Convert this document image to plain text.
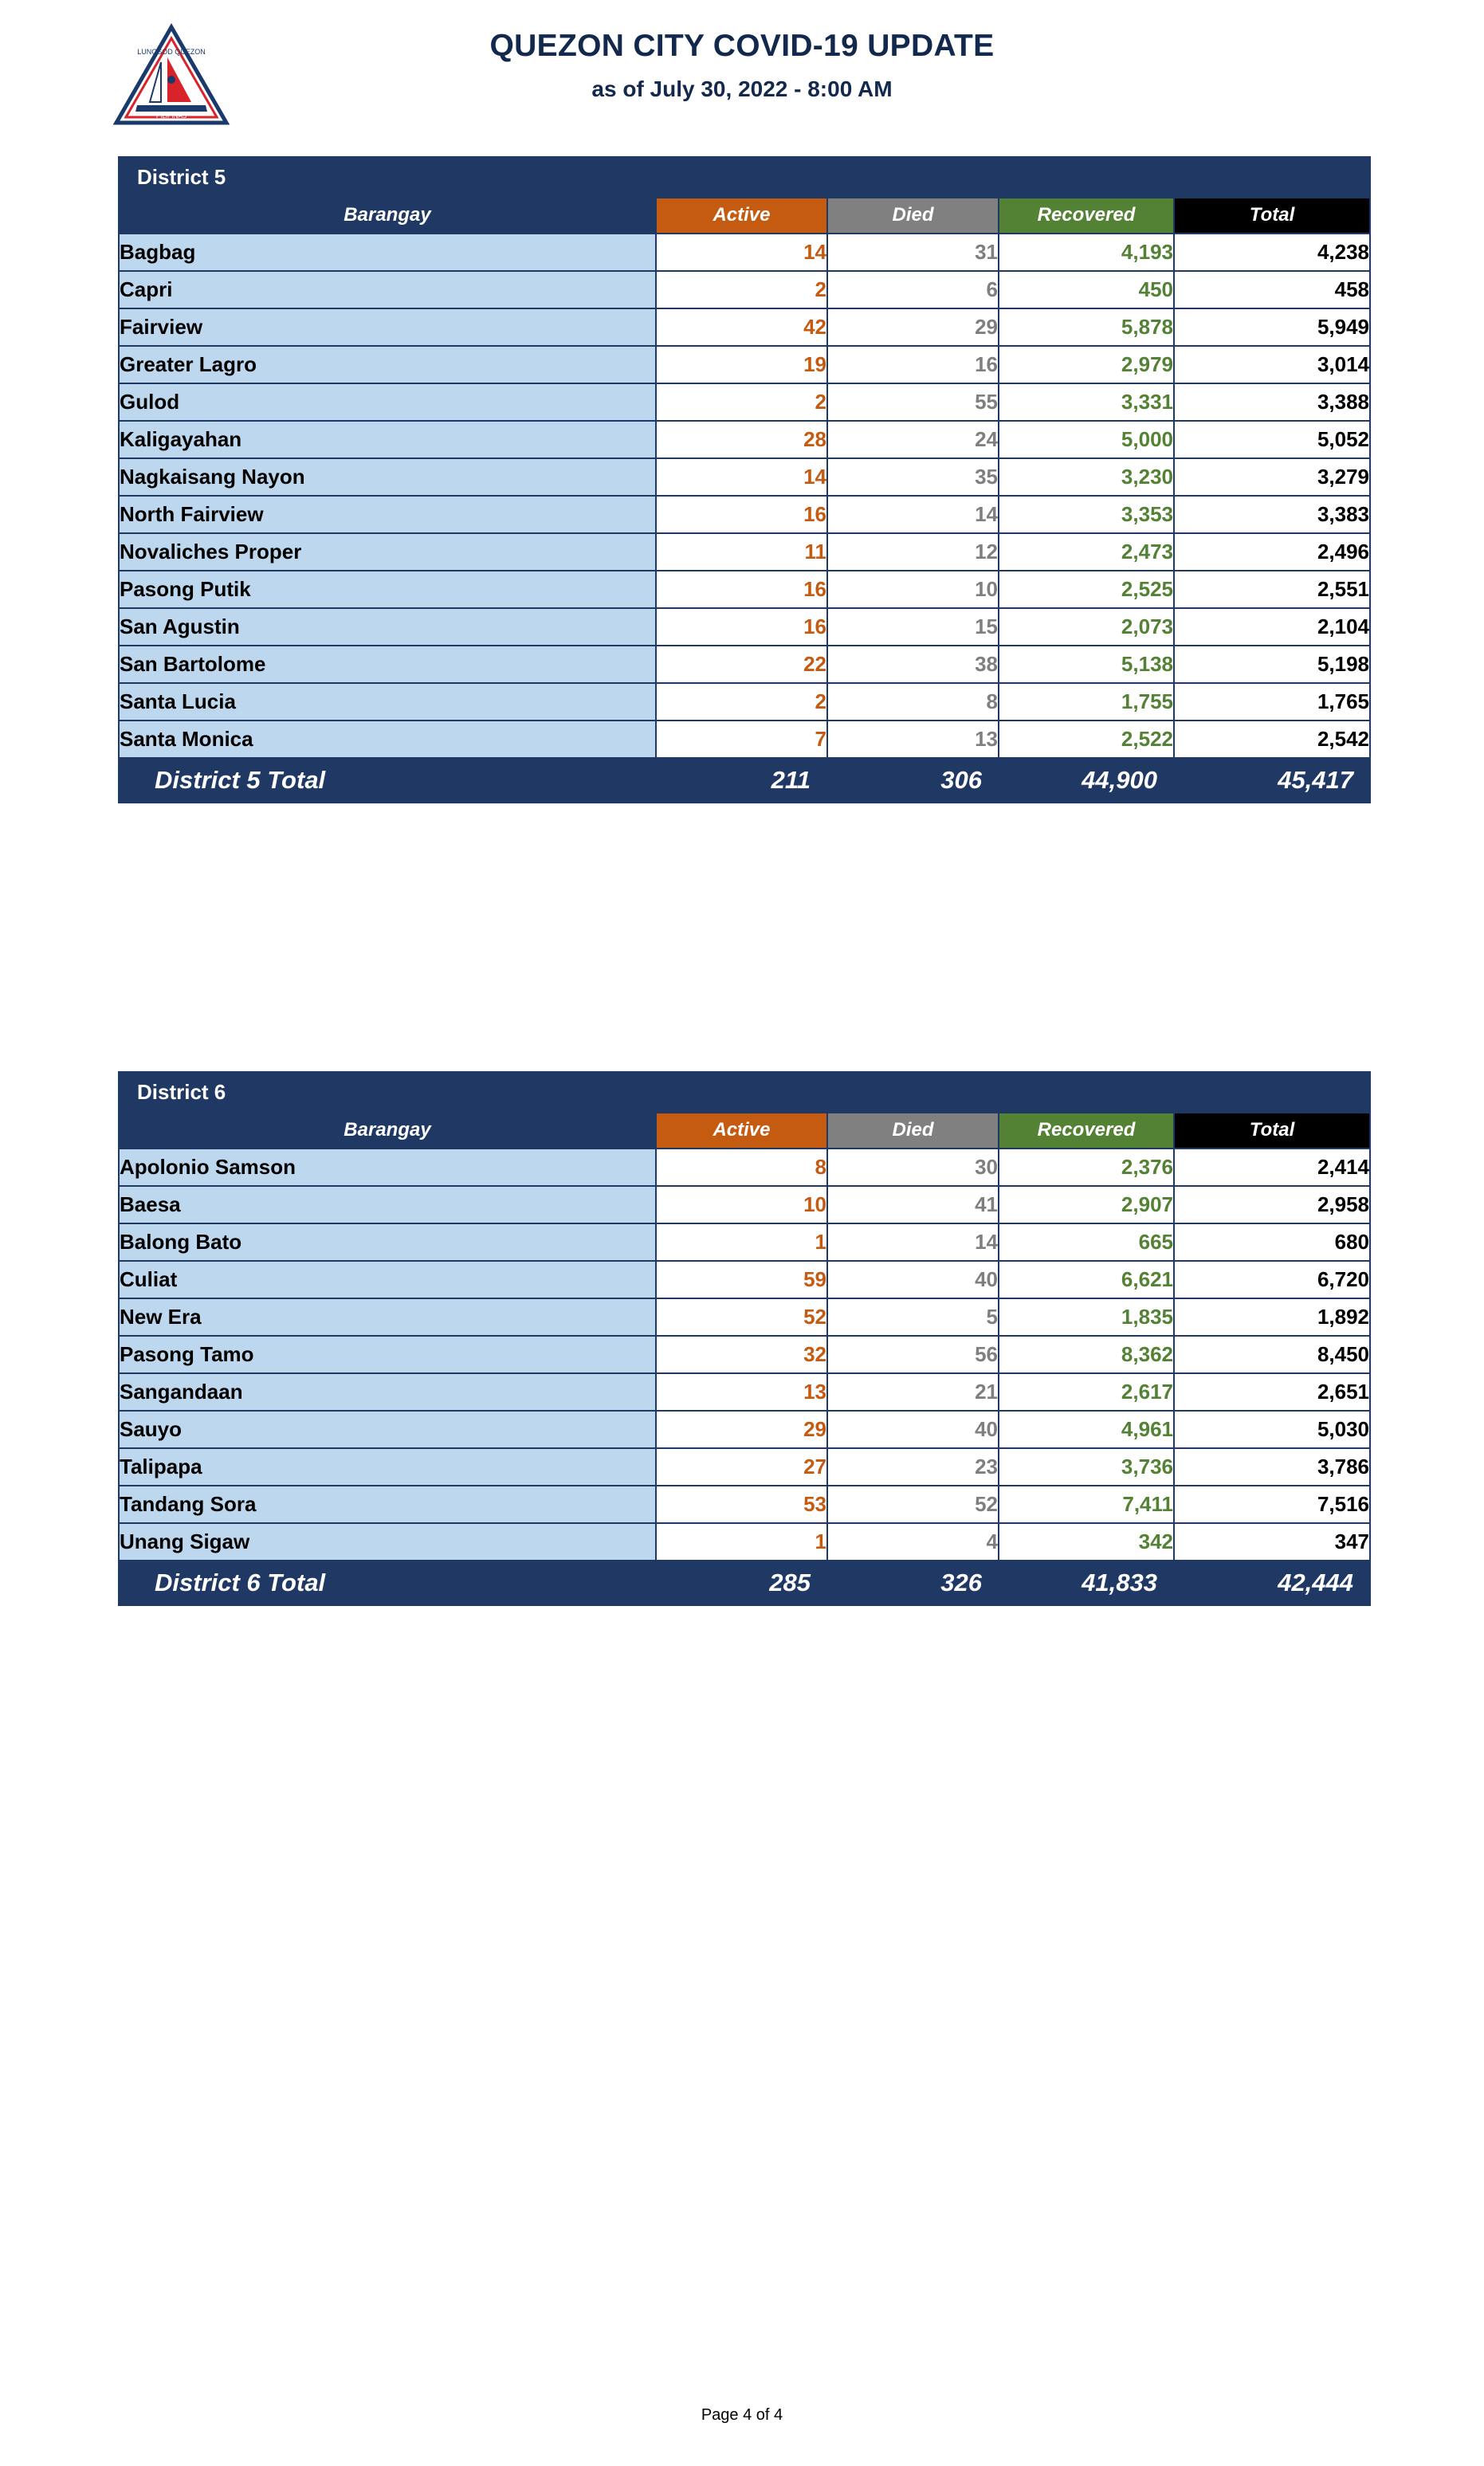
LUNGSOD QUEZON
PILIPINAS
QUEZON CITY COVID-19 UPDATE
as of July 30, 2022 - 8:00 AM
District 5				
Barangay	Active	Died	Recovered	Total
Bagbag	14	31	4,193	4,238
Capri	2	6	450	458
Fairview	42	29	5,878	5,949
Greater Lagro	19	16	2,979	3,014
Gulod	2	55	3,331	3,388
Kaligayahan	28	24	5,000	5,052
Nagkaisang Nayon	14	35	3,230	3,279
North Fairview	16	14	3,353	3,383
Novaliches Proper	11	12	2,473	2,496
Pasong Putik	16	10	2,525	2,551
San Agustin	16	15	2,073	2,104
San Bartolome	22	38	5,138	5,198
Santa Lucia	2	8	1,755	1,765
Santa Monica	7	13	2,522	2,542
District 5 Total	211	306	44,900	45,417
District 6				
Barangay	Active	Died	Recovered	Total
Apolonio Samson	8	30	2,376	2,414
Baesa	10	41	2,907	2,958
Balong Bato	1	14	665	680
Culiat	59	40	6,621	6,720
New Era	52	5	1,835	1,892
Pasong Tamo	32	56	8,362	8,450
Sangandaan	13	21	2,617	2,651
Sauyo	29	40	4,961	5,030
Talipapa	27	23	3,736	3,786
Tandang Sora	53	52	7,411	7,516
Unang Sigaw	1	4	342	347
District 6 Total	285	326	41,833	42,444
Page 4 of 4
